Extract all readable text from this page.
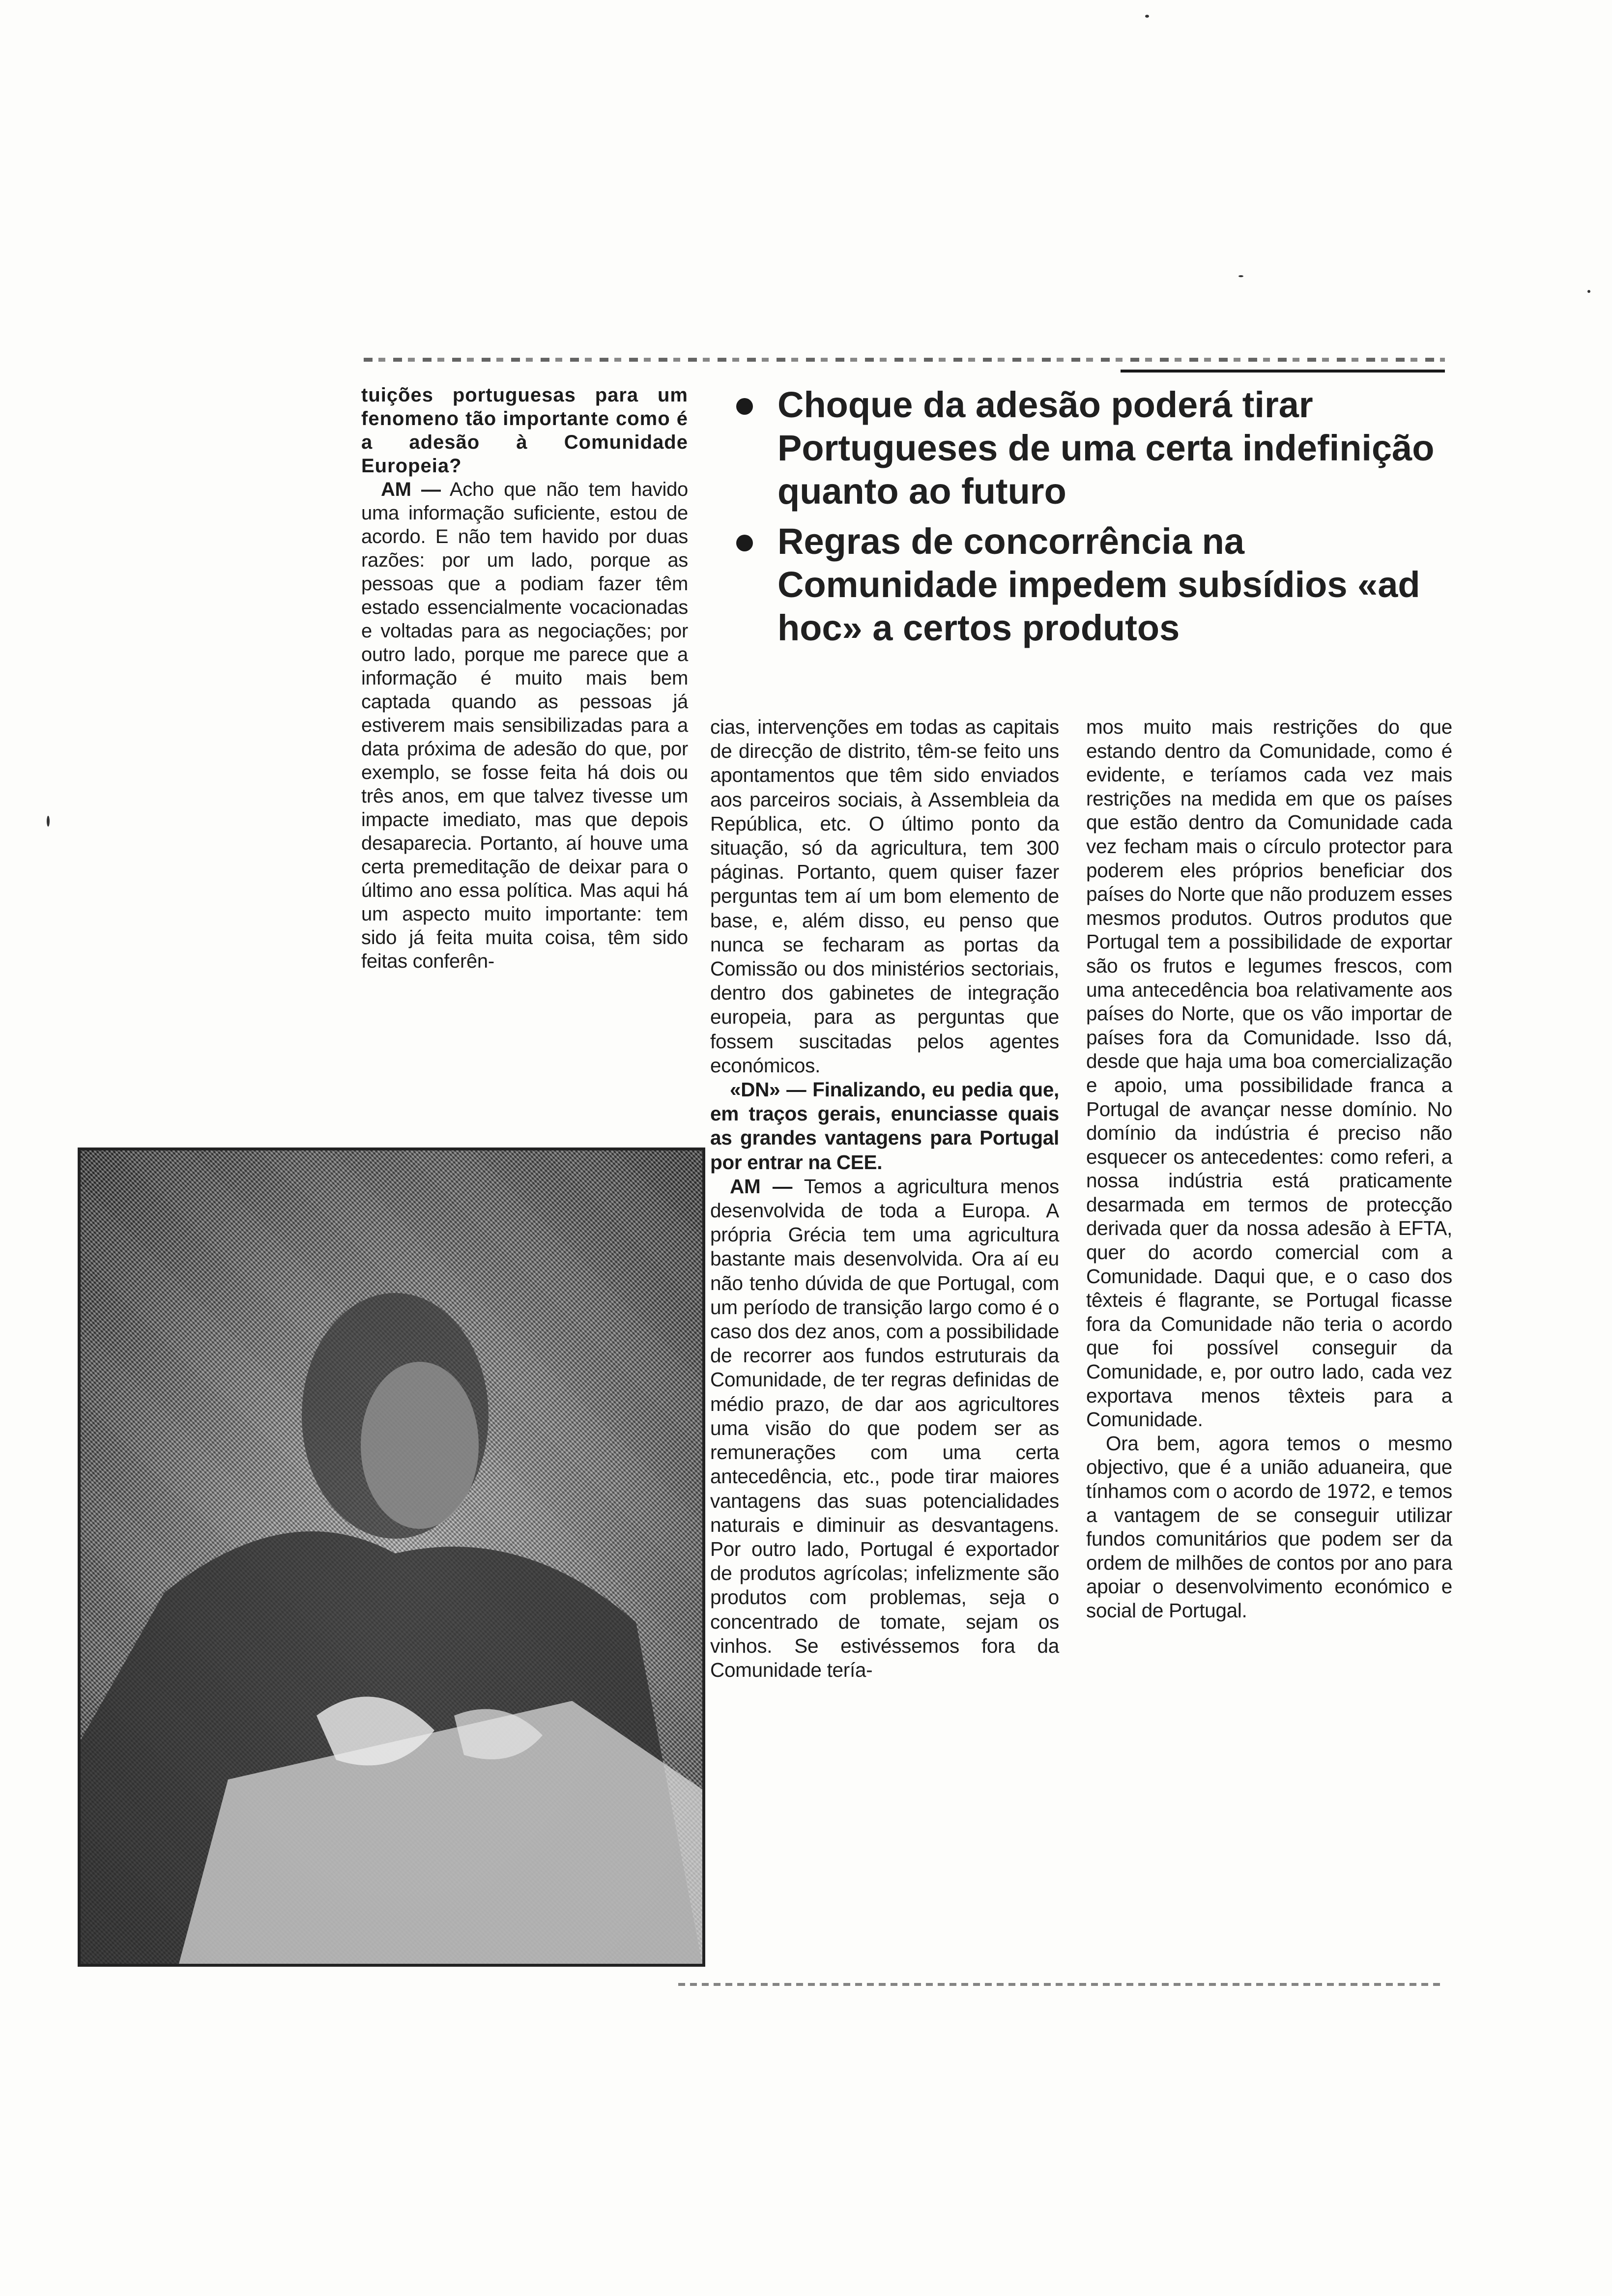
Choque da adesão poderá tirar Portugueses de uma certa indefinição quanto ao futuro
Regras de concorrência na Comunidade impedem subsídios «ad hoc» a certos produtos

tuições portuguesas para um fenomeno tão importante como é a adesão à Comunidade Europeia?

AM — Acho que não tem havido uma informação suficiente, estou de acordo. E não tem havido por duas razões: por um lado, porque as pessoas que a podiam fazer têm estado essencialmente vocacionadas e voltadas para as negociações; por outro lado, porque me parece que a informação é muito mais bem captada quando as pessoas já estiverem mais sensibilizadas para a data próxima de adesão do que, por exemplo, se fosse feita há dois ou três anos, em que talvez tivesse um impacte imediato, mas que depois desaparecia. Portanto, aí houve uma certa premeditação de deixar para o último ano essa política. Mas aqui há um aspecto muito importante: tem sido já feita muita coisa, têm sido feitas conferên-

cias, intervenções em todas as capitais de direcção de distrito, têm-se feito uns apontamentos que têm sido enviados aos parceiros sociais, à Assembleia da República, etc. O último ponto da situação, só da agricultura, tem 300 páginas. Portanto, quem quiser fazer perguntas tem aí um bom elemento de base, e, além disso, eu penso que nunca se fecharam as portas da Comissão ou dos ministérios sectoriais, dentro dos gabinetes de integração europeia, para as perguntas que fossem suscitadas pelos agentes económicos.

«DN» — Finalizando, eu pedia que, em traços gerais, enunciasse quais as grandes vantagens para Portugal por entrar na CEE.

AM — Temos a agricultura menos desenvolvida de toda a Europa. A própria Grécia tem uma agricultura bastante mais desenvolvida. Ora aí eu não tenho dúvida de que Portugal, com um período de transição largo como é o caso dos dez anos, com a possibilidade de recorrer aos fundos estruturais da Comunidade, de ter regras definidas de médio prazo, de dar aos agricultores uma visão do que podem ser as remunerações com uma certa antecedência, etc., pode tirar maiores vantagens das suas potencialidades naturais e diminuir as desvantagens. Por outro lado, Portugal é exportador de produtos agrícolas; infelizmente são produtos com problemas, seja o concentrado de tomate, sejam os vinhos. Se estivéssemos fora da Comunidade tería-

mos muito mais restrições do que estando dentro da Comunidade, como é evidente, e teríamos cada vez mais restrições na medida em que os países que estão dentro da Comunidade cada vez fecham mais o círculo protector para poderem eles próprios beneficiar dos países do Norte que não produzem esses mesmos produtos. Outros produtos que Portugal tem a possibilidade de exportar são os frutos e legumes frescos, com uma antecedência boa relativamente aos países do Norte, que os vão importar de países fora da Comunidade. Isso dá, desde que haja uma boa comercialização e apoio, uma possibilidade franca a Portugal de avançar nesse domínio. No domínio da indústria é preciso não esquecer os antecedentes: como referi, a nossa indústria está praticamente desarmada em termos de protecção derivada quer da nossa adesão à EFTA, quer do acordo comercial com a Comunidade. Daqui que, e o caso dos têxteis é flagrante, se Portugal ficasse fora da Comunidade não teria o acordo que foi possível conseguir da Comunidade, e, por outro lado, cada vez exportava menos têxteis para a Comunidade.

Ora bem, agora temos o mesmo objectivo, que é a união aduaneira, que tínhamos com o acordo de 1972, e temos a vantagem de se conseguir utilizar fundos comunitários que podem ser da ordem de milhões de contos por ano para apoiar o desenvolvimento económico e social de Portugal.
